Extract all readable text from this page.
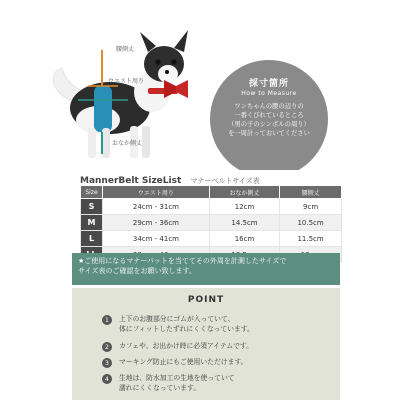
腰側丈
ウエスト周り
おなか側丈
採寸箇所
How to Measure
ワンちゃんの腰の辺りの
一番くびれているところ
（男の子のシンボルの周り）
を一周計っておいてください
MannerBelt SizeList マナーベルトサイズ表
Size	ウエスト周り	おなか側丈	腰側丈
S	24cm - 31cm	12cm	9cm
M	29cm - 36cm	14.5cm	10.5cm
L	34cm - 41cm	16cm	11.5cm

★ご使用になるマナーパットを当ててその外周を計測したサイズで
サイズ表のご確認をお願い致します。
POINT
1	上下のお腹部分にゴムが入っていて、
体にフィットしたずれにくくなっています。
2	カフェや、お出かけ時に必須アイテムです。
3	マーキング防止にもご使用いただけます。
4	生地は、防水加工の生地を使っていて
濡れにくくなっています。
